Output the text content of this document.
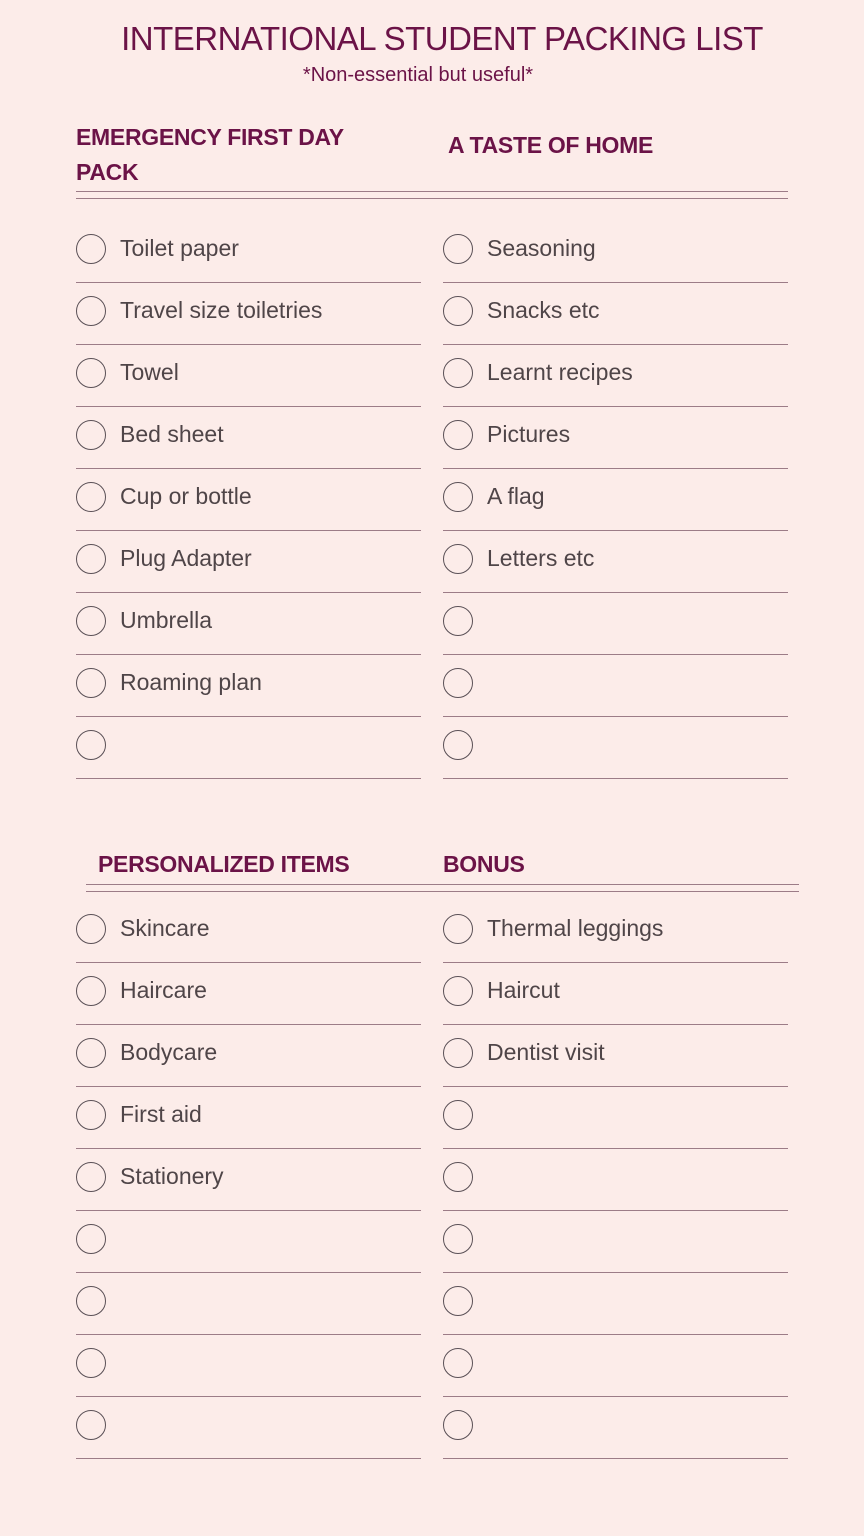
INTERNATIONAL STUDENT PACKING LIST
*Non-essential but useful*
EMERGENCY FIRST DAY
PACK
A TASTE OF HOME
Toilet paper
Travel size toiletries
Towel
Bed sheet
Cup or bottle
Plug Adapter
Umbrella
Roaming plan
Seasoning
Snacks etc
Learnt recipes
Pictures
A flag
Letters etc
PERSONALIZED ITEMS	BONUS
Skincare
Haircare
Bodycare
First aid
Stationery
Thermal leggings
Haircut
Dentist visit
